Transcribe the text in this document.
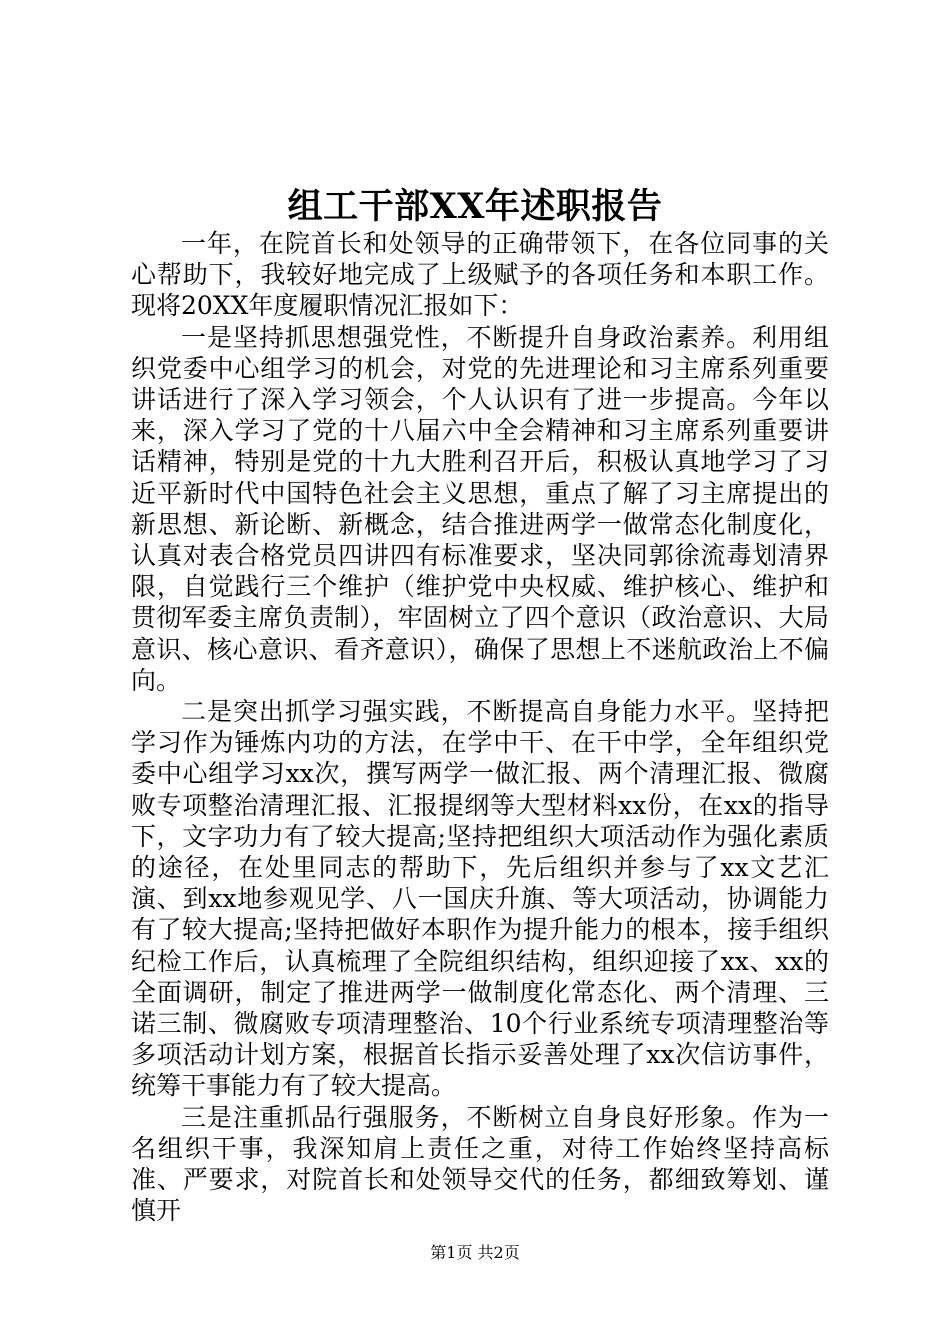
组工干部XX年述职报告

一年，在院首长和处领导的正确带领下，在各位同事的关心帮助下，我较好地完成了上级赋予的各项任务和本职工作。现将20XX年度履职情况汇报如下：

一是坚持抓思想强党性，不断提升自身政治素养。利用组织党委中心组学习的机会，对党的先进理论和习主席系列重要讲话进行了深入学习领会，个人认识有了进一步提高。今年以来，深入学习了党的十八届六中全会精神和习主席系列重要讲话精神，特别是党的十九大胜利召开后，积极认真地学习了习近平新时代中国特色社会主义思想，重点了解了习主席提出的新思想、新论断、新概念，结合推进两学一做常态化制度化，认真对表合格党员四讲四有标准要求，坚决同郭徐流毒划清界限，自觉践行三个维护（维护党中央权威、维护核心、维护和贯彻军委主席负责制），牢固树立了四个意识（政治意识、大局意识、核心意识、看齐意识），确保了思想上不迷航政治上不偏向。

二是突出抓学习强实践，不断提高自身能力水平。坚持把学习作为锤炼内功的方法，在学中干、在干中学，全年组织党委中心组学习xx次，撰写两学一做汇报、两个清理汇报、微腐败专项整治清理汇报、汇报提纲等大型材料xx份，在xx的指导下，文字功力有了较大提高;坚持把组织大项活动作为强化素质的途径，在处里同志的帮助下，先后组织并参与了xx文艺汇演、到xx地参观见学、八一国庆升旗、等大项活动，协调能力有了较大提高;坚持把做好本职作为提升能力的根本，接手组织纪检工作后，认真梳理了全院组织结构，组织迎接了xx、xx的全面调研，制定了推进两学一做制度化常态化、两个清理、三诺三制、微腐败专项清理整治、10个行业系统专项清理整治等多项活动计划方案，根据首长指示妥善处理了xx次信访事件，统筹干事能力有了较大提高。

三是注重抓品行强服务，不断树立自身良好形象。作为一名组织干事，我深知肩上责任之重，对待工作始终坚持高标准、严要求，对院首长和处领导交代的任务，都细致筹划、谨慎开

第1页 共2页
